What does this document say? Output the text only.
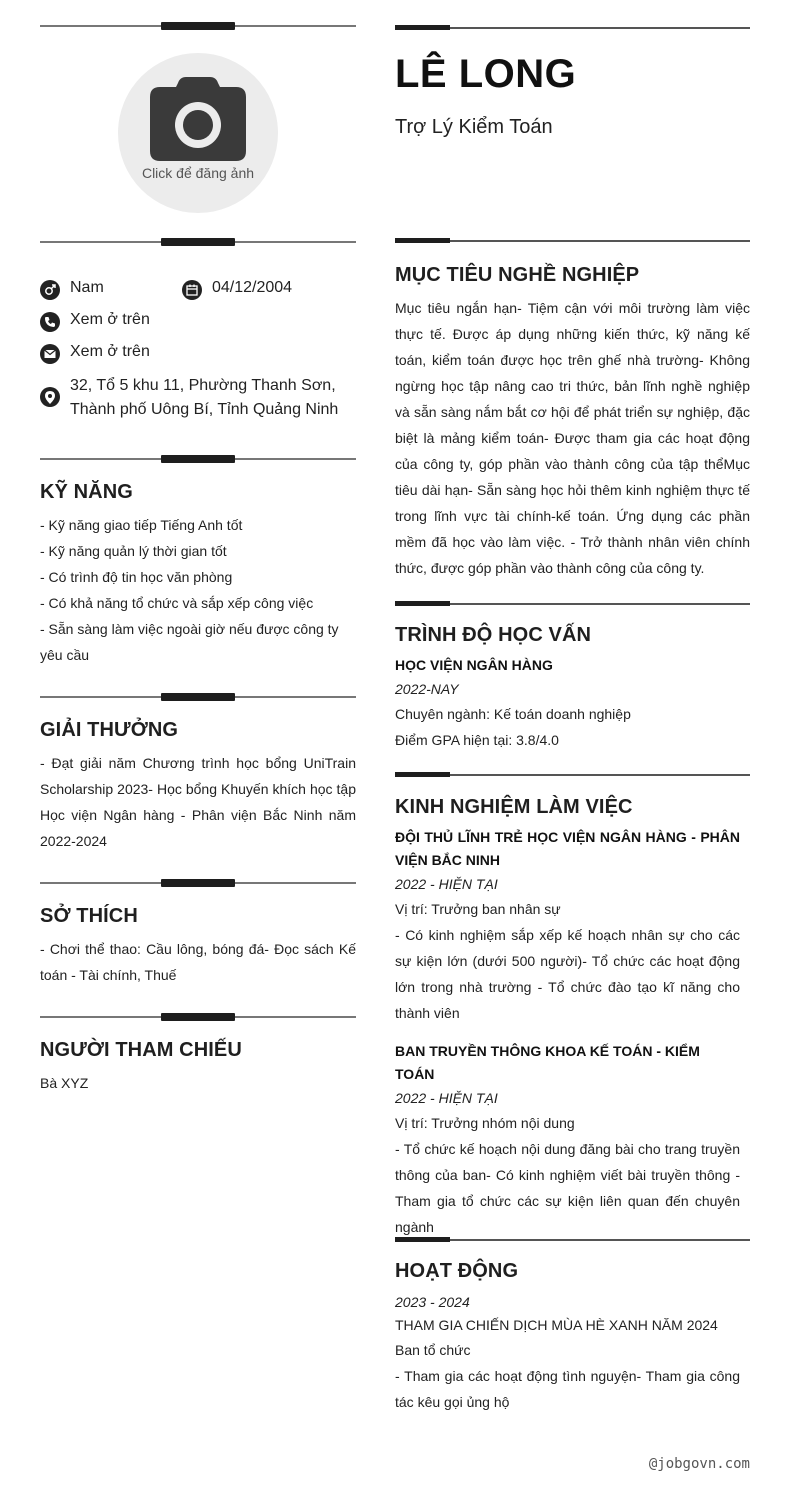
Click để đăng ảnh
Nam	04/12/2004
Xem ở trên
Xem ở trên
32, Tổ 5 khu 11, Phường Thanh Sơn, Thành phố Uông Bí, Tỉnh Quảng Ninh
KỸ NĂNG
- Kỹ năng giao tiếp Tiếng Anh tốt
- Kỹ năng quản lý thời gian tốt
- Có trình độ tin học văn phòng
- Có khả năng tổ chức và sắp xếp công việc
- Sẵn sàng làm việc ngoài giờ nếu được công ty yêu cầu
GIẢI THƯỞNG
- Đạt giải năm Chương trình học bổng UniTrain Scholarship 2023- Học bổng Khuyến khích học tập Học viện Ngân hàng - Phân viện Bắc Ninh năm 2022-2024
SỞ THÍCH
- Chơi thể thao: Cầu lông, bóng đá- Đọc sách Kế toán - Tài chính, Thuế
NGƯỜI THAM CHIẾU
Bà XYZ
LÊ LONG
Trợ Lý Kiểm Toán
MỤC TIÊU NGHỀ NGHIỆP
Mục tiêu ngắn hạn- Tiệm cận với môi trường làm việc thực tế. Được áp dụng những kiến thức, kỹ năng kế toán, kiểm toán được học trên ghế nhà trường- Không ngừng học tập nâng cao tri thức, bản lĩnh nghề nghiệp và sẵn sàng nắm bắt cơ hội để phát triển sự nghiệp, đặc biệt là mảng kiểm toán- Được tham gia các hoạt động của công ty, góp phần vào thành công của tập thểMục tiêu dài hạn- Sẵn sàng học hỏi thêm kinh nghiệm thực tế trong lĩnh vực tài chính-kế toán. Ứng dụng các phần mềm đã học vào làm việc. - Trở thành nhân viên chính thức, được góp phần vào thành công của công ty.
TRÌNH ĐỘ HỌC VẤN
HỌC VIỆN NGÂN HÀNG
2022-NAY
Chuyên ngành: Kế toán doanh nghiệp
Điểm GPA hiện tại: 3.8/4.0
KINH NGHIỆM LÀM VIỆC
ĐỘI THỦ LĨNH TRẺ HỌC VIỆN NGÂN HÀNG - PHÂN VIỆN BẮC NINH
2022 - HIỆN TẠI
Vị trí: Trưởng ban nhân sự
- Có kinh nghiệm sắp xếp kế hoạch nhân sự cho các sự kiện lớn (dưới 500 người)- Tổ chức các hoạt động lớn trong nhà trường - Tổ chức đào tạo kĩ năng cho thành viên
BAN TRUYỀN THÔNG KHOA KẾ TOÁN - KIỂM TOÁN
2022 - HIỆN TẠI
Vị trí: Trưởng nhóm nội dung
- Tổ chức kế hoạch nội dung đăng bài cho trang truyền thông của ban- Có kinh nghiệm viết bài truyền thông - Tham gia tổ chức các sự kiện liên quan đến chuyên ngành
HOẠT ĐỘNG
2023 - 2024
THAM GIA CHIẾN DỊCH MÙA HÈ XANH NĂM 2024
Ban tổ chức
- Tham gia các hoạt động tình nguyện- Tham gia công tác kêu gọi ủng hộ
@jobgovn.com
